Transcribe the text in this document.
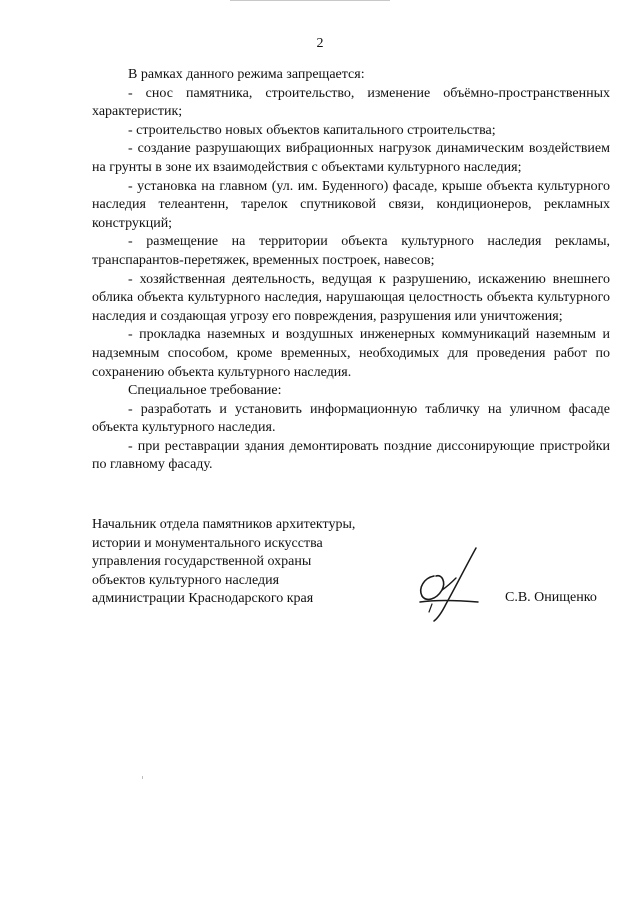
2

В рамках данного режима запрещается:

- снос памятника, строительство, изменение объёмно-пространственных характеристик;

- строительство новых объектов капитального строительства;

- создание разрушающих вибрационных нагрузок динамическим воздействием на грунты в зоне их взаимодействия с объектами культурного наследия;

- установка на главном (ул. им. Буденного) фасаде, крыше объекта культурного наследия телеантенн, тарелок спутниковой связи, кондиционеров, рекламных конструкций;

- размещение на территории объекта культурного наследия рекламы, транспарантов-перетяжек, временных построек, навесов;

- хозяйственная деятельность, ведущая к разрушению, искажению внешнего облика объекта культурного наследия, нарушающая целостность объекта культурного наследия и создающая угрозу его повреждения, разрушения или уничтожения;

- прокладка наземных и воздушных инженерных коммуникаций наземным и надземным способом, кроме временных, необходимых для проведения работ по сохранению объекта культурного наследия.

Специальное требование:

- разработать и установить информационную табличку на уличном фасаде объекта культурного наследия.

- при реставрации здания демонтировать поздние диссонирующие пристройки по главному фасаду.

Начальник отдела памятников архитектуры,
истории и монументального искусства
управления государственной охраны
объектов культурного наследия
администрации Краснодарского края	С.В. Онищенко
